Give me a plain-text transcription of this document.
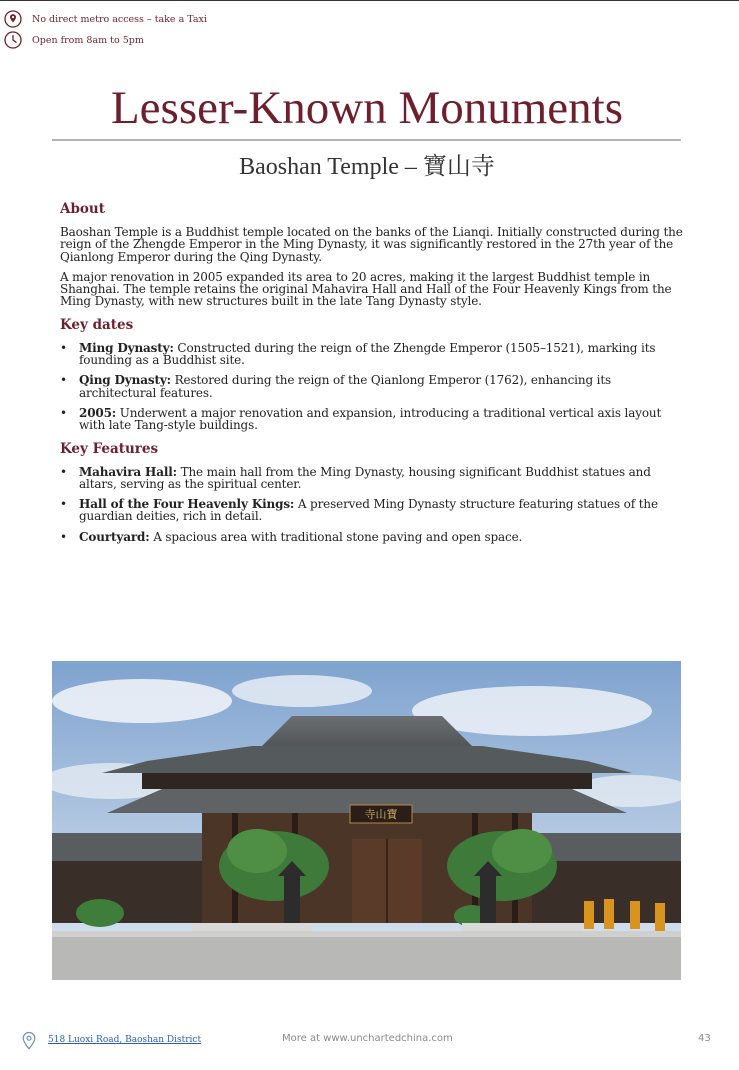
No direct metro access – take a Taxi
Open from 8am to 5pm
Lesser-Known Monuments
Baoshan Temple – 寶山寺
About

Baoshan Temple is a Buddhist temple located on the banks of the Lianqi. Initially constructed during the reign of the Zhengde Emperor in the Ming Dynasty, it was significantly restored in the 27th year of the Qianlong Emperor during the Qing Dynasty.

A major renovation in 2005 expanded its area to 20 acres, making it the largest Buddhist temple in Shanghai. The temple retains the original Mahavira Hall and Hall of the Four Heavenly Kings from the Ming Dynasty, with new structures built in the late Tang Dynasty style.

Key dates
• Ming Dynasty: Constructed during the reign of the Zhengde Emperor (1505–1521), marking its founding as a Buddhist site.
• Qing Dynasty: Restored during the reign of the Qianlong Emperor (1762), enhancing its architectural features.
• 2005: Underwent a major renovation and expansion, introducing a traditional vertical axis layout with late Tang-style buildings.
Key Features
• Mahavira Hall: The main hall from the Ming Dynasty, housing significant Buddhist statues and altars, serving as the spiritual center.
• Hall of the Four Heavenly Kings: A preserved Ming Dynasty structure featuring statues of the guardian deities, rich in detail.
• Courtyard: A spacious area with traditional stone paving and open space.
寺山寶
518 Luoxi Road, Baoshan District	More at www.unchartedchina.com	43
